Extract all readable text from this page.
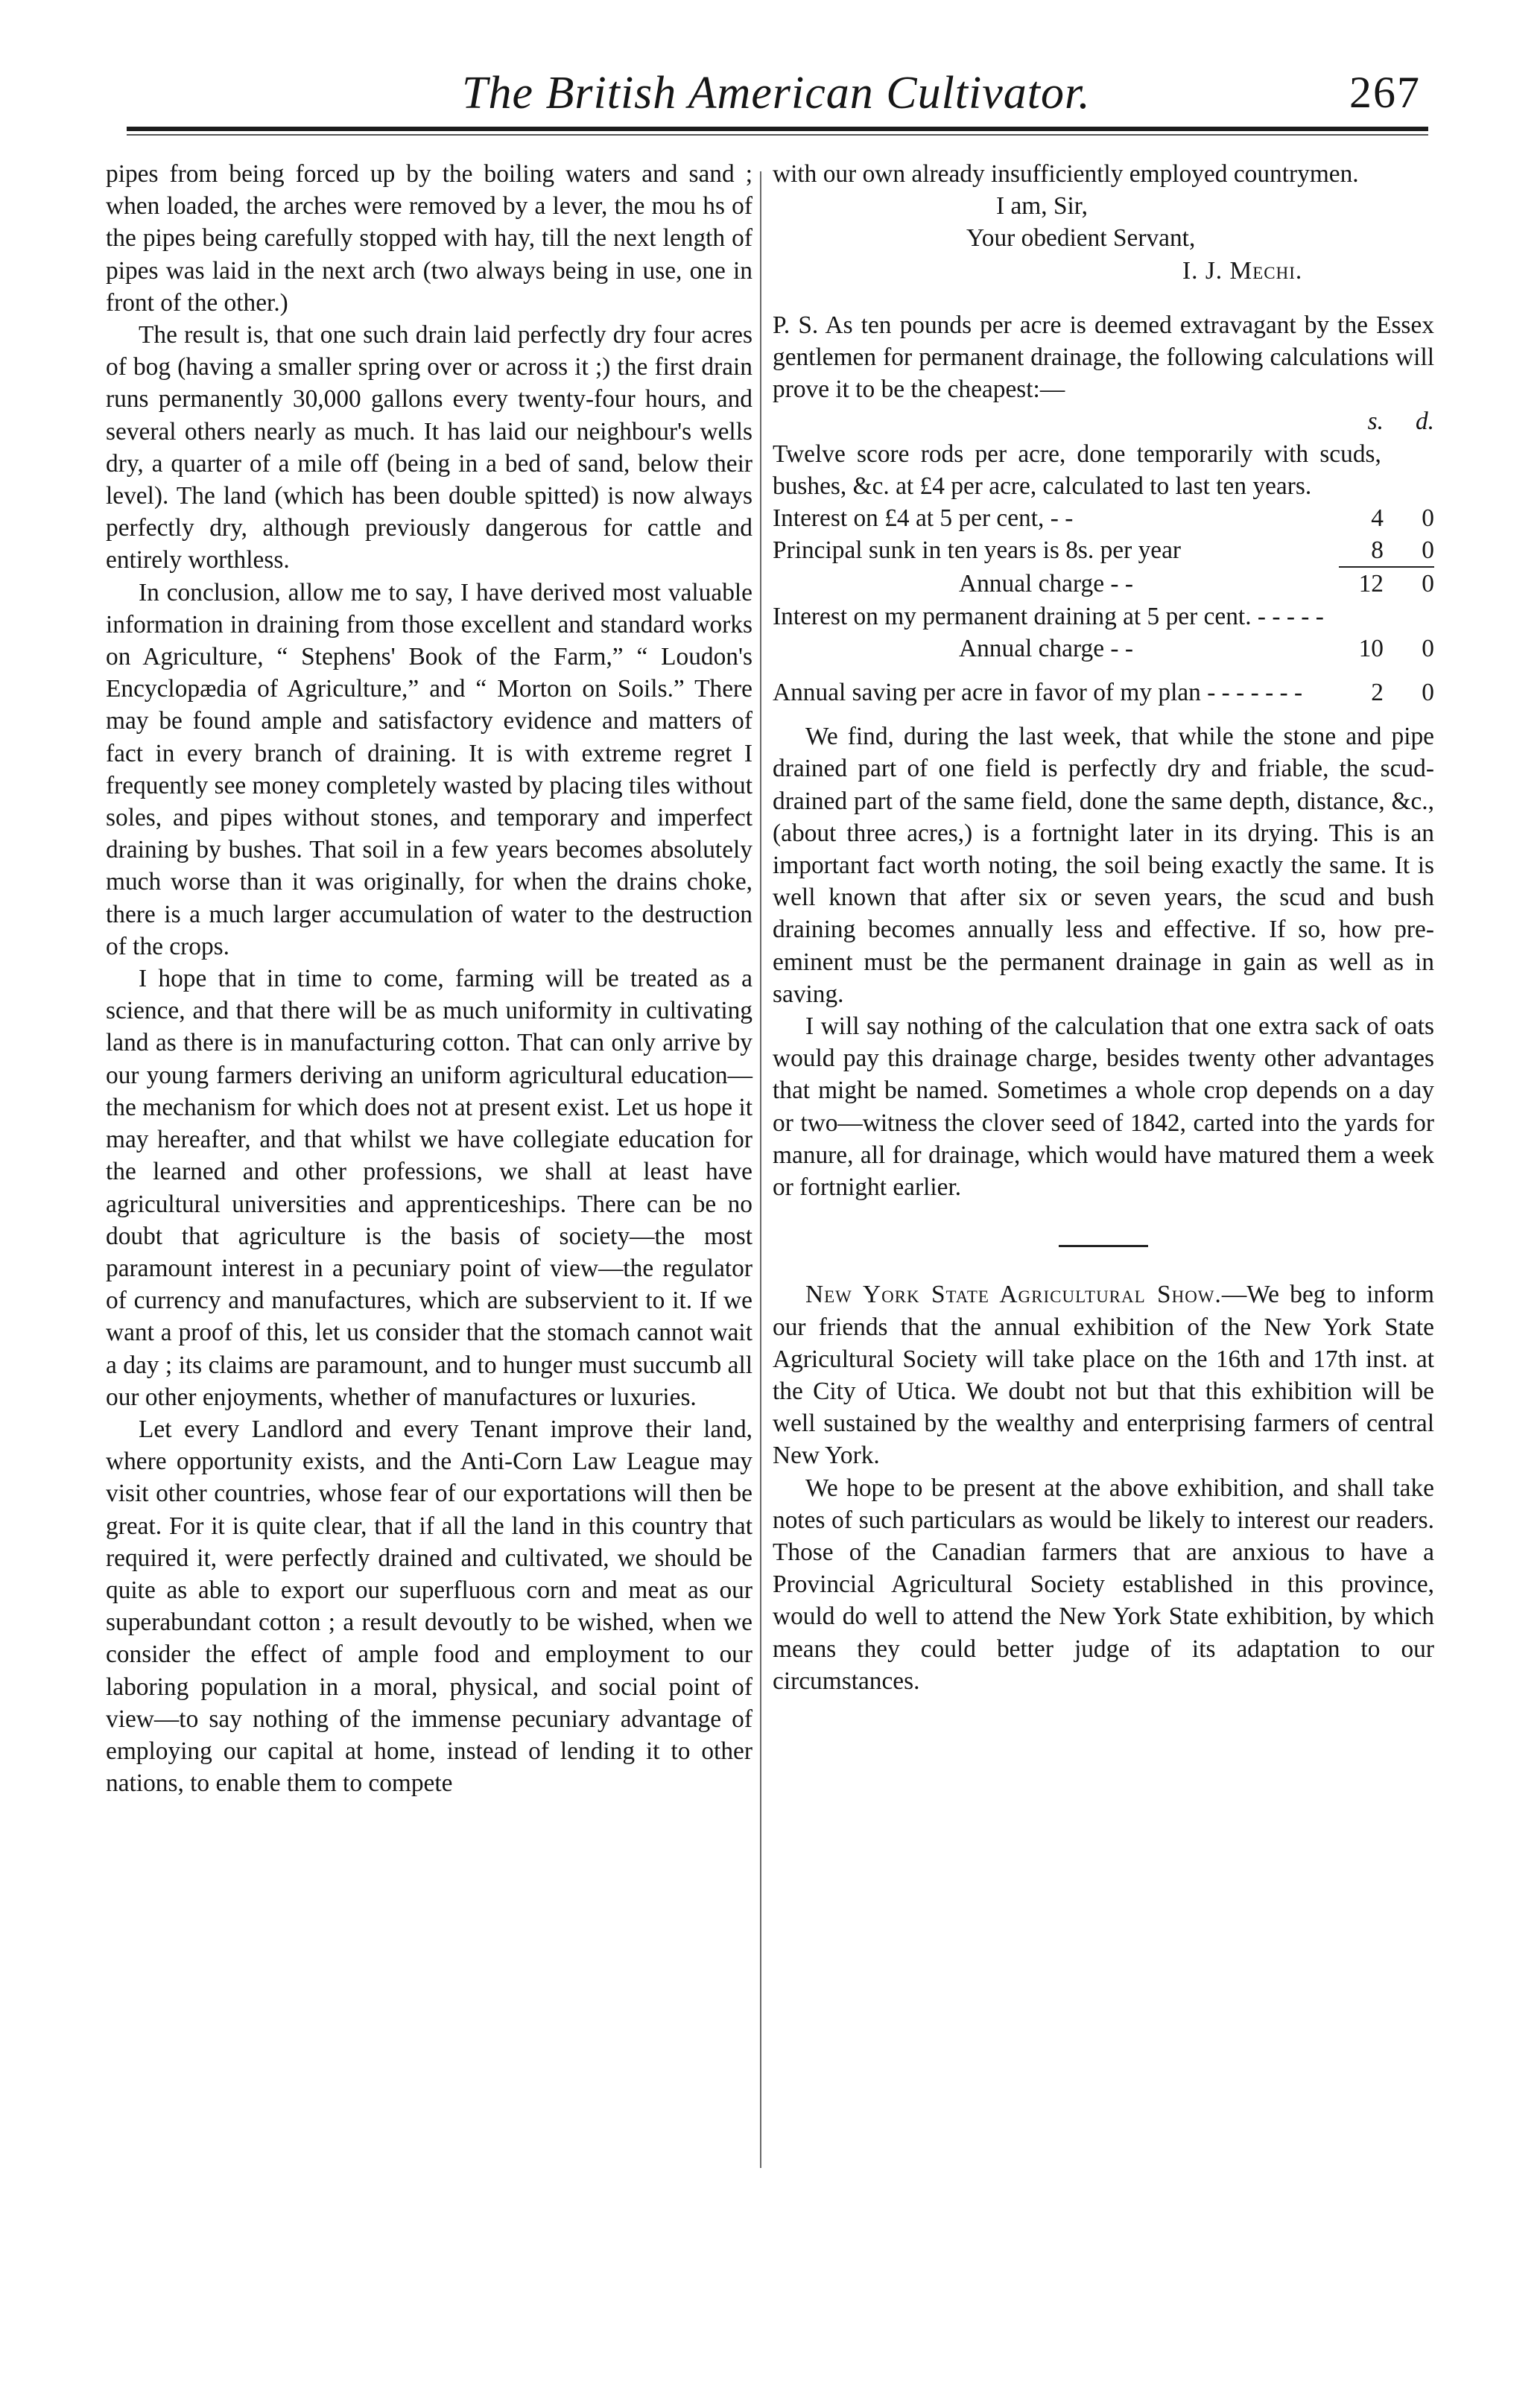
The British American Cultivator.	267

pipes from being forced up by the boiling waters and sand ; when loaded, the arches were removed by a lever, the mou hs of the pipes being carefully stopped with hay, till the next length of pipes was laid in the next arch (two always being in use, one in front of the other.)

The result is, that one such drain laid perfectly dry four acres of bog (having a smaller spring over or across it ;) the first drain runs permanently 30,000 gallons every twenty-four hours, and several others nearly as much. It has laid our neighbour's wells dry, a quarter of a mile off (being in a bed of sand, below their level). The land (which has been double spitted) is now always perfectly dry, although previously dangerous for cattle and entirely worthless.

In conclusion, allow me to say, I have derived most valuable information in draining from those excellent and standard works on Agriculture, “ Stephens' Book of the Farm,” “ Loudon's Encyclopædia of Agriculture,” and “ Morton on Soils.” There may be found ample and satisfactory evidence and matters of fact in every branch of draining. It is with extreme regret I frequently see money completely wasted by placing tiles without soles, and pipes without stones, and temporary and imperfect draining by bushes. That soil in a few years becomes absolutely much worse than it was originally, for when the drains choke, there is a much larger accumulation of water to the destruction of the crops.

I hope that in time to come, farming will be treated as a science, and that there will be as much uniformity in cultivating land as there is in manufacturing cotton. That can only arrive by our young farmers deriving an uniform agricultural education—the mechanism for which does not at present exist. Let us hope it may hereafter, and that whilst we have collegiate education for the learned and other professions, we shall at least have agricultural universities and apprenticeships. There can be no doubt that agriculture is the basis of society—the most paramount interest in a pecuniary point of view—the regulator of currency and manufactures, which are subservient to it. If we want a proof of this, let us consider that the stomach cannot wait a day ; its claims are paramount, and to hunger must succumb all our other enjoyments, whether of manufactures or luxuries.

Let every Landlord and every Tenant improve their land, where opportunity exists, and the Anti-Corn Law League may visit other countries, whose fear of our exportations will then be great. For it is quite clear, that if all the land in this country that required it, were perfectly drained and cultivated, we should be quite as able to export our superfluous corn and meat as our superabundant cotton ; a result devoutly to be wished, when we consider the effect of ample food and employment to our laboring population in a moral, physical, and social point of view—to say nothing of the immense pecuniary advantage of employing our capital at home, instead of lending it to other nations, to enable them to compete

with our own already insufficiently employed countrymen.

I am, Sir,
Your obedient Servant,
I. J. Mechi.

P. S. As ten pounds per acre is deemed extravagant by the Essex gentlemen for permanent drainage, the following calculations will prove it to be the cheapest:—

s.	d.
Twelve score rods per acre, done temporarily with scuds, bushes, &c. at £4 per acre, calculated to last ten years.
Interest on £4 at 5 per cent, - -	4	0
Principal sunk in ten years is 8s. per year	8	0
Annual charge - -	12	0
Interest on my permanent draining at 5 per cent. - - - - -
Annual charge - -	10	0
Annual saving per acre in favor of my plan - - - - - - -	2	0

We find, during the last week, that while the stone and pipe drained part of one field is perfectly dry and friable, the scud-drained part of the same field, done the same depth, distance, &c., (about three acres,) is a fortnight later in its drying. This is an important fact worth noting, the soil being exactly the same. It is well known that after six or seven years, the scud and bush draining becomes annually less and effective. If so, how pre-eminent must be the permanent drainage in gain as well as in saving.

I will say nothing of the calculation that one extra sack of oats would pay this drainage charge, besides twenty other advantages that might be named. Sometimes a whole crop depends on a day or two—witness the clover seed of 1842, carted into the yards for manure, all for drainage, which would have matured them a week or fortnight earlier.

New York State Agricultural Show.—We beg to inform our friends that the annual exhibition of the New York State Agricultural Society will take place on the 16th and 17th inst. at the City of Utica. We doubt not but that this exhibition will be well sustained by the wealthy and enterprising farmers of central New York.

We hope to be present at the above exhibition, and shall take notes of such particulars as would be likely to interest our readers. Those of the Canadian farmers that are anxious to have a Provincial Agricultural Society established in this province, would do well to attend the New York State exhibition, by which means they could better judge of its adaptation to our circumstances.
